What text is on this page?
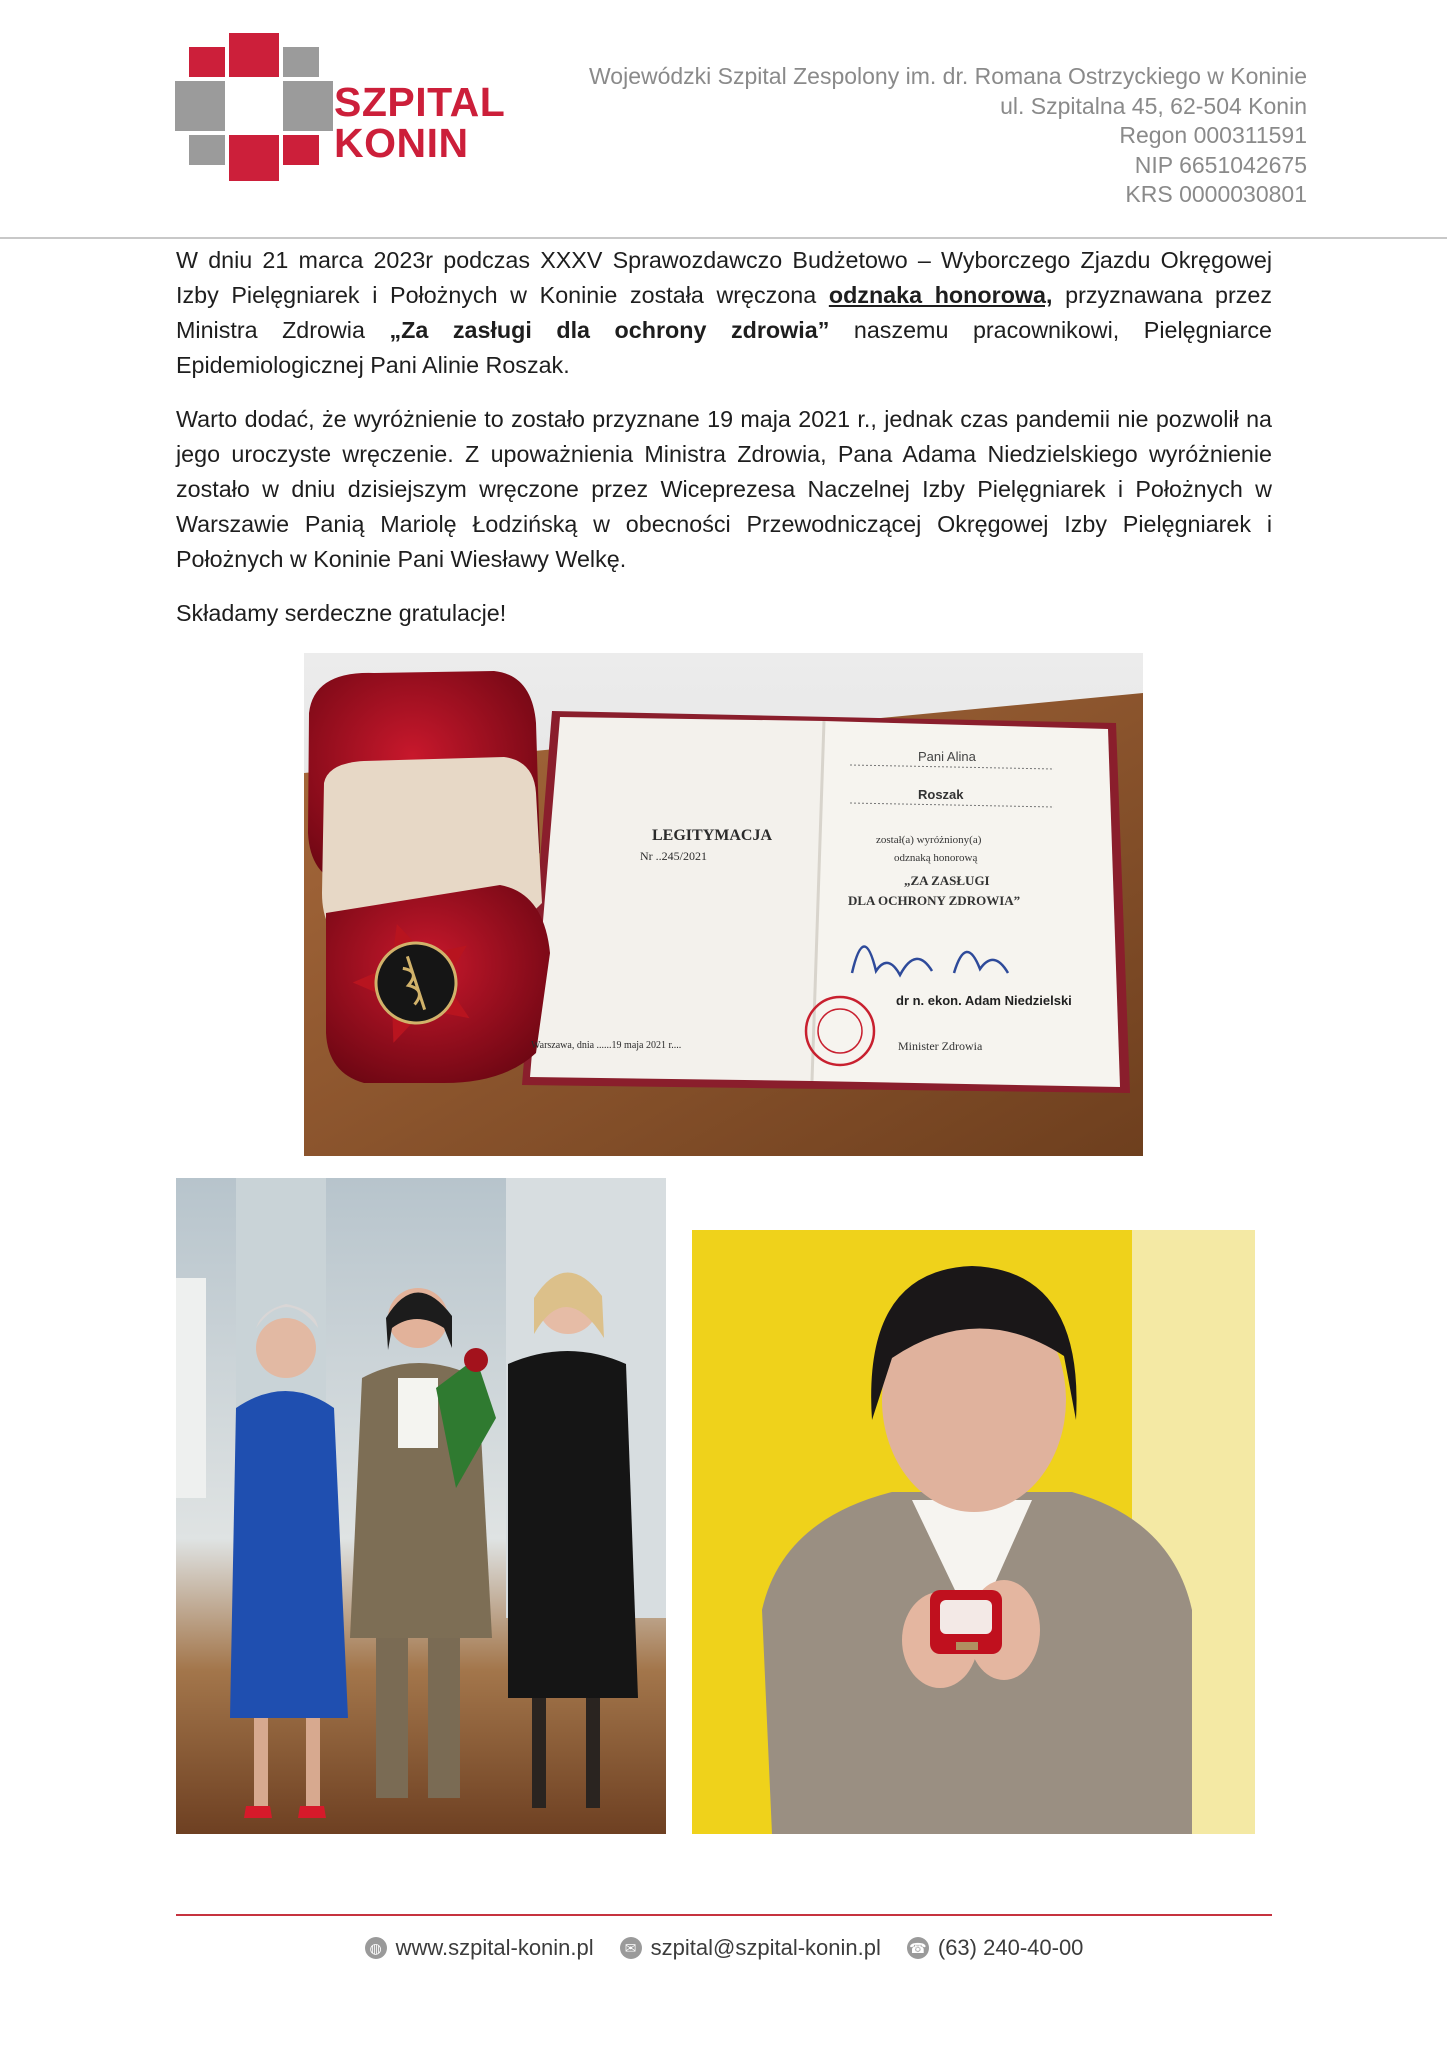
SZPITAL
KONIN
Wojewódzki Szpital Zespolony im. dr. Romana Ostrzyckiego w Koninie
ul. Szpitalna 45, 62-504 Konin
Regon 000311591
NIP 6651042675
KRS 0000030801
W dniu 21 marca 2023r podczas XXXV Sprawozdawczo Budżetowo – Wyborczego Zjazdu Okręgowej Izby Pielęgniarek i Położnych w Koninie została wręczona odznaka honorowa, przyznawana przez Ministra Zdrowia „Za zasługi dla ochrony zdrowia” naszemu pracownikowi, Pielęgniarce Epidemiologicznej Pani Alinie Roszak.
Warto dodać, że wyróżnienie to zostało przyznane 19 maja 2021 r., jednak czas pandemii nie pozwolił na jego uroczyste wręczenie. Z upoważnienia Ministra Zdrowia, Pana Adama Niedzielskiego wyróżnienie zostało w dniu dzisiejszym wręczone przez Wiceprezesa Naczelnej Izby Pielęgniarek i Położnych w Warszawie Panią Mariolę Łodzińską w obecności Przewodniczącej Okręgowej Izby Pielęgniarek i Położnych w Koninie Pani Wiesławy Welkę.
Składamy serdeczne gratulacje!
LEGITYMACJA
Nr ..245/2021
Warszawa, dnia ......19 maja 2021 r....
Pani Alina
Roszak
został(a) wyróżniony(a)
odznaką honorową
„ZA ZASŁUGI
DLA OCHRONY ZDROWIA”
dr n. ekon. Adam Niedzielski
Minister Zdrowia
◍ www.szpital-konin.pl	✉ szpital@szpital-konin.pl ☎ (63) 240-40-00
